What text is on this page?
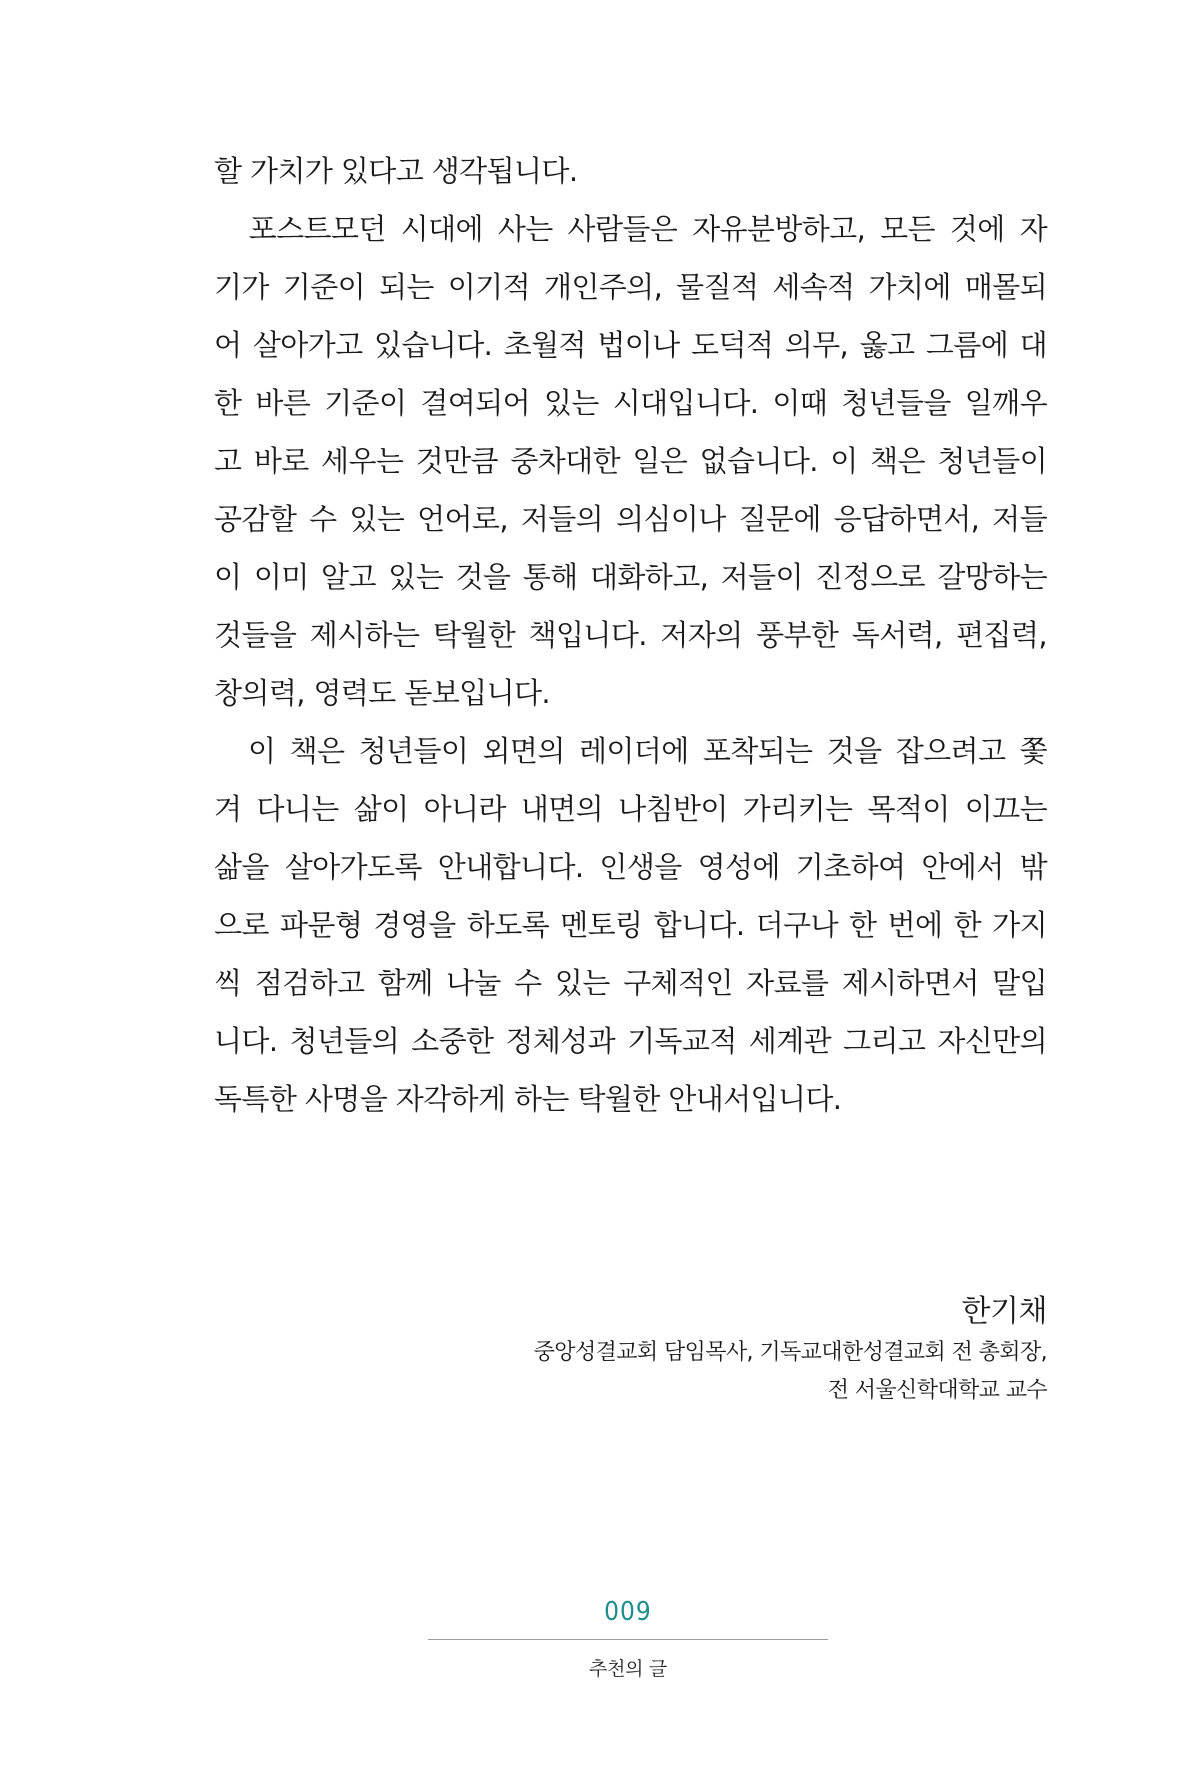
할 가치가 있다고 생각됩니다.
　포스트모던 시대에 사는 사람들은 자유분방하고, 모든 것에 자
기가 기준이 되는 이기적 개인주의, 물질적 세속적 가치에 매몰되
어 살아가고 있습니다. 초월적 법이나 도덕적 의무, 옳고 그름에 대
한 바른 기준이 결여되어 있는 시대입니다. 이때 청년들을 일깨우
고 바로 세우는 것만큼 중차대한 일은 없습니다. 이 책은 청년들이
공감할 수 있는 언어로, 저들의 의심이나 질문에 응답하면서, 저들
이 이미 알고 있는 것을 통해 대화하고, 저들이 진정으로 갈망하는
것들을 제시하는 탁월한 책입니다. 저자의 풍부한 독서력, 편집력,
창의력, 영력도 돋보입니다.
　이 책은 청년들이 외면의 레이더에 포착되는 것을 잡으려고 쫓
겨 다니는 삶이 아니라 내면의 나침반이 가리키는 목적이 이끄는
삶을 살아가도록 안내합니다. 인생을 영성에 기초하여 안에서 밖
으로 파문형 경영을 하도록 멘토링 합니다. 더구나 한 번에 한 가지
씩 점검하고 함께 나눌 수 있는 구체적인 자료를 제시하면서 말입
니다. 청년들의 소중한 정체성과 기독교적 세계관 그리고 자신만의
독특한 사명을 자각하게 하는 탁월한 안내서입니다.
한기채
중앙성결교회 담임목사, 기독교대한성결교회 전 총회장,
전 서울신학대학교 교수
009
추천의 글
